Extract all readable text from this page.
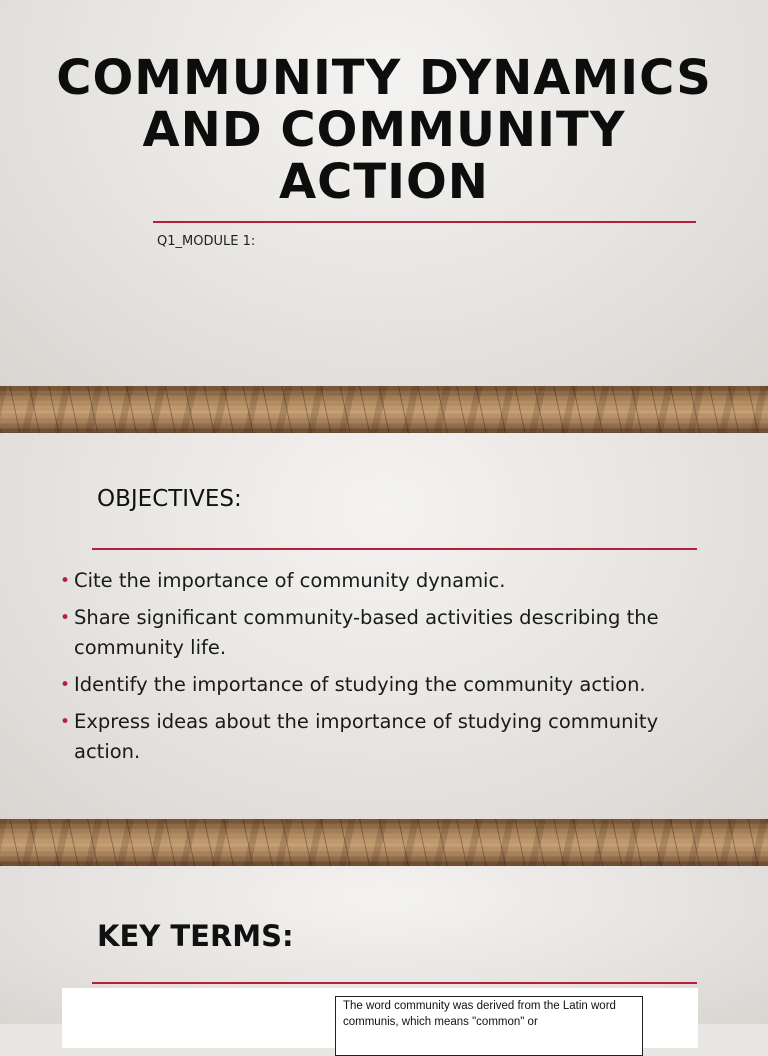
COMMUNITY DYNAMICS AND COMMUNITY ACTION
Q1_MODULE 1:
OBJECTIVES:
• Cite the importance of community dynamic.
• Share significant community-based activities describing the community life.
• Identify the importance of studying the community action.
• Express ideas about the importance of studying community action.
KEY TERMS:
The word community was derived from the Latin word communis, which means "common" or
